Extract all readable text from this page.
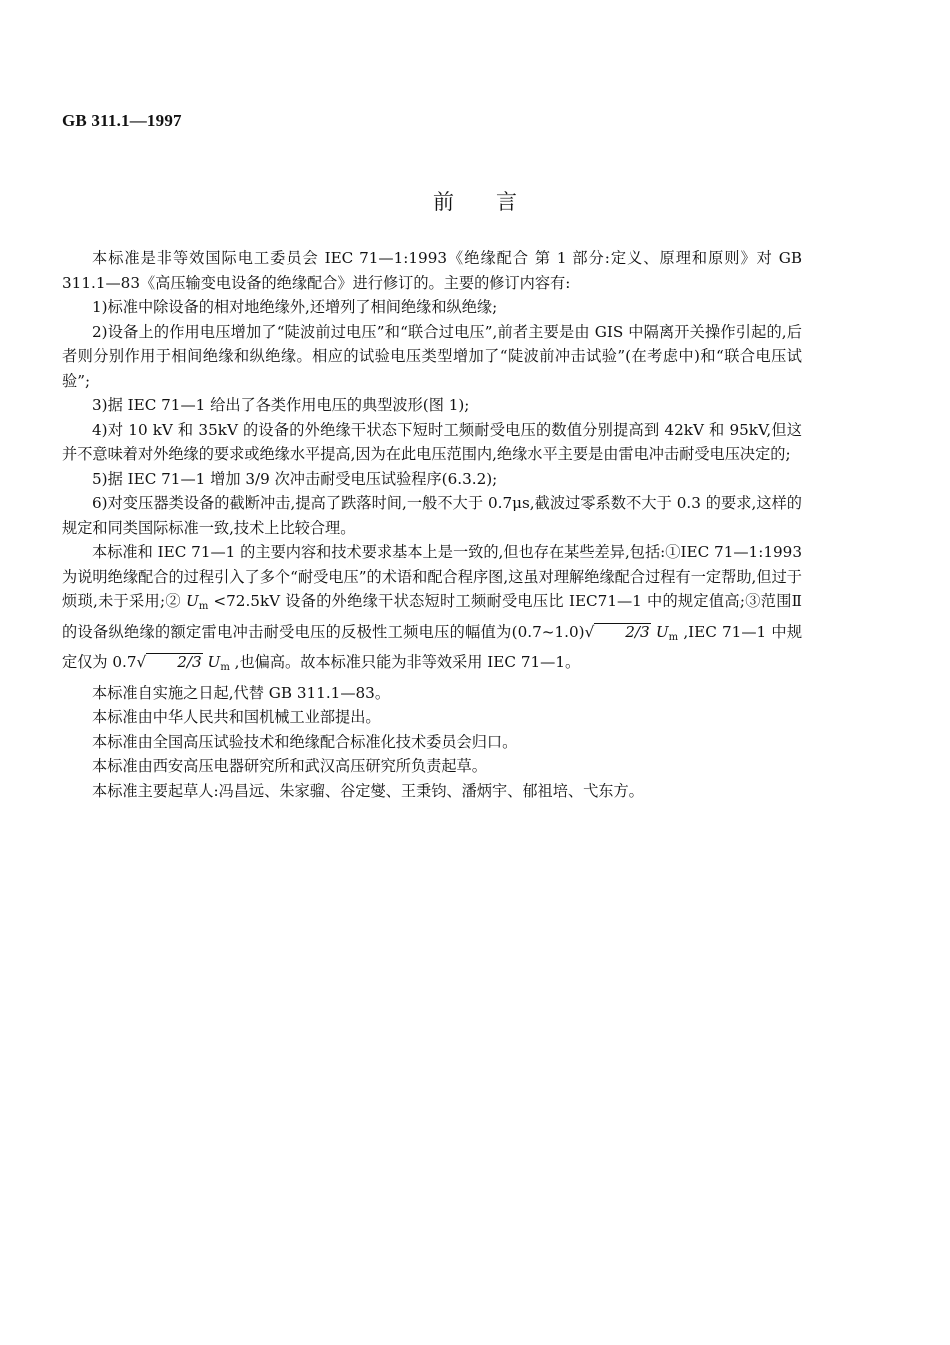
GB 311.1—1997
前言

本标准是非等效国际电工委员会 IEC 71—1:1993《绝缘配合 第 1 部分:定义、原理和原则》对 GB 311.1—83《高压输变电设备的绝缘配合》进行修订的。主要的修订内容有:

1)标准中除设备的相对地绝缘外,还增列了相间绝缘和纵绝缘;

2)设备上的作用电压增加了“陡波前过电压”和“联合过电压”,前者主要是由 GIS 中隔离开关操作引起的,后者则分别作用于相间绝缘和纵绝缘。相应的试验电压类型增加了“陡波前冲击试验”(在考虑中)和“联合电压试验”;

3)据 IEC 71—1 给出了各类作用电压的典型波形(图 1);

4)对 10 kV 和 35kV 的设备的外绝缘干状态下短时工频耐受电压的数值分别提高到 42kV 和 95kV,但这并不意味着对外绝缘的要求或绝缘水平提高,因为在此电压范围内,绝缘水平主要是由雷电冲击耐受电压决定的;

5)据 IEC 71—1 增加 3/9 次冲击耐受电压试验程序(6.3.2);

6)对变压器类设备的截断冲击,提高了跌落时间,一般不大于 0.7μs,截波过零系数不大于 0.3 的要求,这样的规定和同类国际标准一致,技术上比较合理。

本标准和 IEC 71—1 的主要内容和技术要求基本上是一致的,但也存在某些差异,包括:①IEC 71—1:1993 为说明绝缘配合的过程引入了多个“耐受电压”的术语和配合程序图,这虽对理解绝缘配合过程有一定帮助,但过于烦琐,未于采用;② $U_m <72.5kV$ 设备的外绝缘干状态短时工频耐受电压比 IEC71—1 中的规定值高;③范围Ⅱ的设备纵绝缘的额定雷电冲击耐受电压的反极性工频电压的幅值为(0.7~1.0)√ 2/3 $U_m$ ,IEC 71—1 中规定仅为 0.7√ 2/3 $U_m$ ,也偏高。故本标准只能为非等效采用 IEC 71—1。

本标准自实施之日起,代替 GB 311.1—83。

本标准由中华人民共和国机械工业部提出。

本标准由全国高压试验技术和绝缘配合标准化技术委员会归口。

本标准由西安高压电器研究所和武汉高压研究所负责起草。

本标准主要起草人:冯昌远、朱家骝、谷定燮、王秉钧、潘炳宇、郁祖培、弋东方。
